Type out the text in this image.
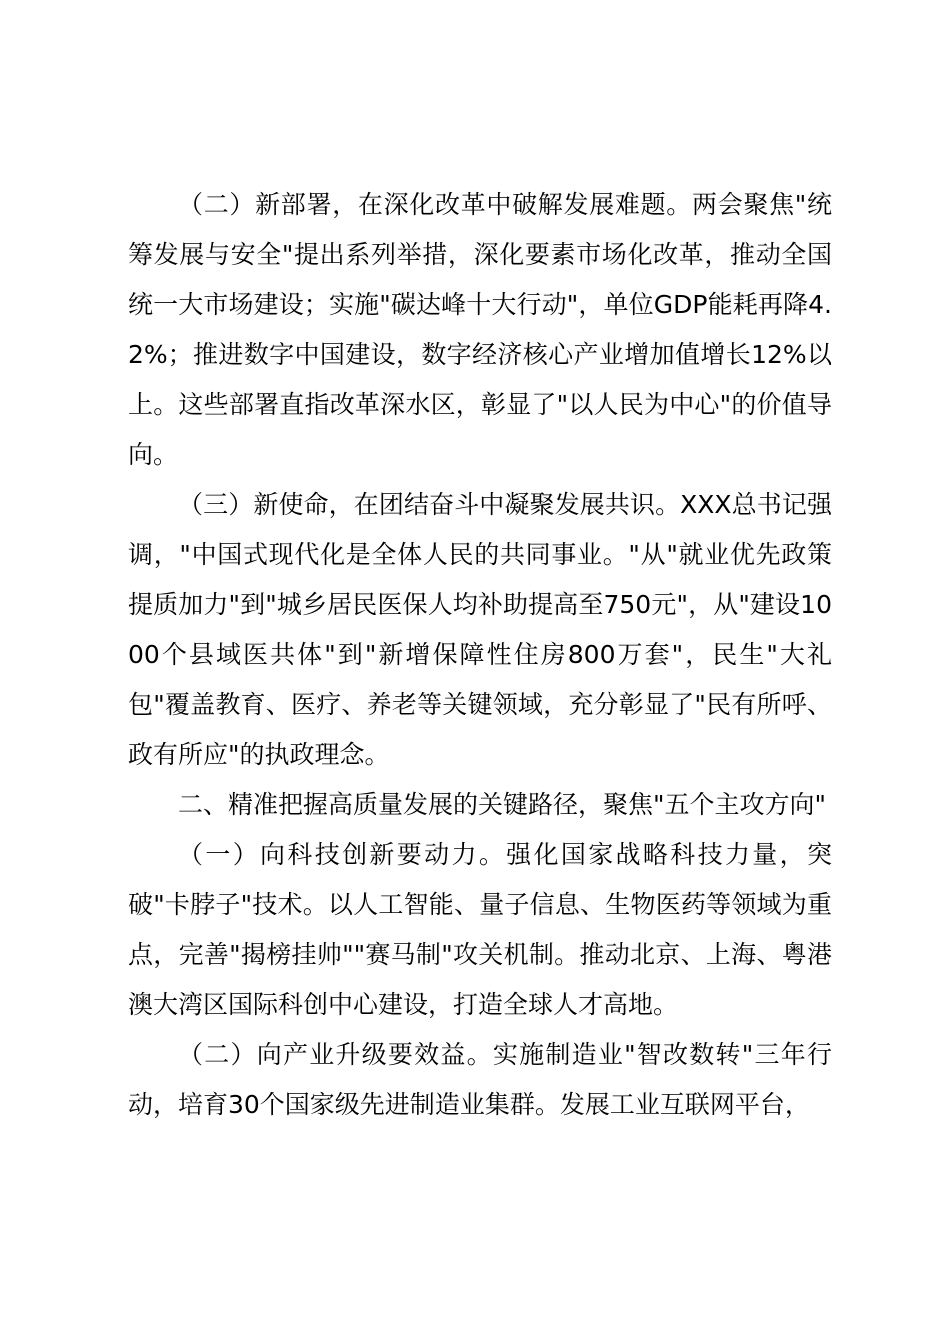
（二）新部署，在深化改革中破解发展难题。两会聚焦"统筹发展与安全"提出系列举措，深化要素市场化改革，推动全国统一大市场建设；实施"碳达峰十大行动"，单位GDP能耗再降4.2%；推进数字中国建设，数字经济核心产业增加值增长12%以上。这些部署直指改革深水区，彰显了"以人民为中心"的价值导向。

（三）新使命，在团结奋斗中凝聚发展共识。XXX总书记强调，"中国式现代化是全体人民的共同事业。"从"就业优先政策提质加力"到"城乡居民医保人均补助提高至750元"，从"建设1000个县域医共体"到"新增保障性住房800万套"，民生"大礼包"覆盖教育、医疗、养老等关键领域，充分彰显了"民有所呼、政有所应"的执政理念。

二、精准把握高质量发展的关键路径，聚焦"五个主攻方向"

（一）向科技创新要动力。强化国家战略科技力量，突破"卡脖子"技术。以人工智能、量子信息、生物医药等领域为重点，完善"揭榜挂帅""赛马制"攻关机制。推动北京、上海、粤港澳大湾区国际科创中心建设，打造全球人才高地。

（二）向产业升级要效益。实施制造业"智改数转"三年行动，培育30个国家级先进制造业集群。发展工业互联网平台，
